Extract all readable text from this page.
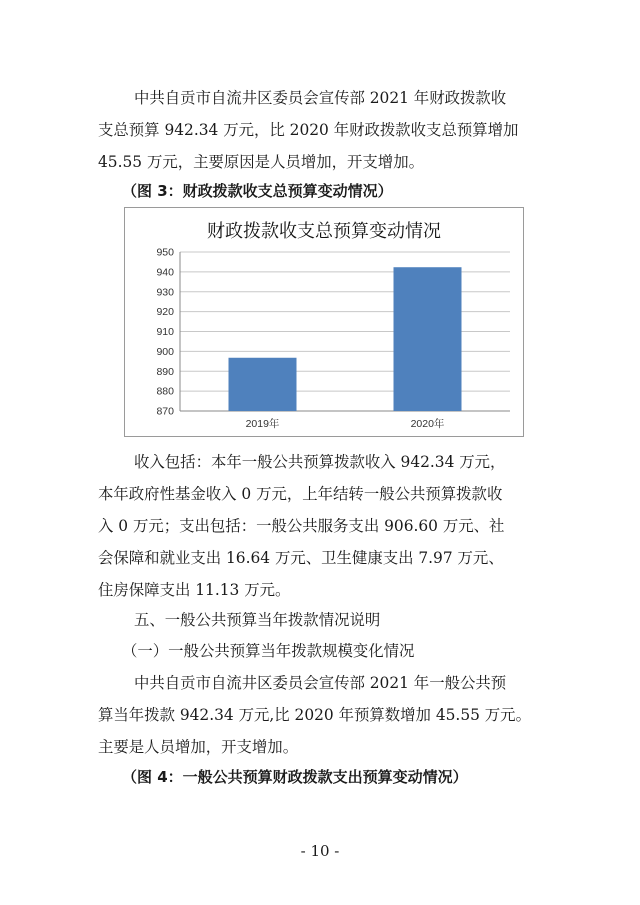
中共自贡市自流井区委员会宣传部 2021 年财政拨款收
支总预算 942.34 万元，比 2020 年财政拨款收支总预算增加
45.55 万元，主要原因是人员增加，开支增加。
（图 3：财政拨款收支总预算变动情况）
财政拨款收支总预算变动情况
870
880
890
900
910
920
930
940
950
2019年	2020年
收入包括：本年一般公共预算拨款收入 942.34 万元，
本年政府性基金收入 0 万元，上年结转一般公共预算拨款收
入 0 万元；支出包括：一般公共服务支出 906.60 万元、社
会保障和就业支出 16.64 万元、卫生健康支出 7.97 万元、
住房保障支出 11.13 万元。
五、一般公共预算当年拨款情况说明
（一）一般公共预算当年拨款规模变化情况
中共自贡市自流井区委员会宣传部 2021 年一般公共预
算当年拨款 942.34 万元,比 2020 年预算数增加 45.55 万元。
主要是人员增加，开支增加。
（图 4：一般公共预算财政拨款支出预算变动情况）
- 10 -
